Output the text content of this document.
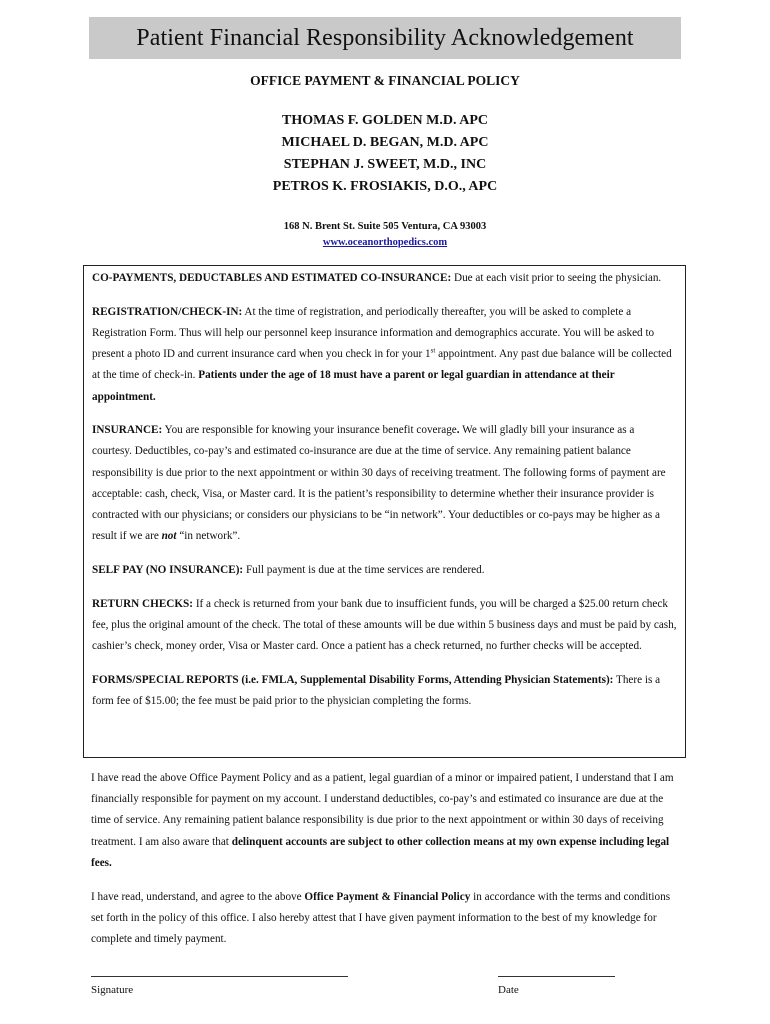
Patient Financial Responsibility Acknowledgement
OFFICE PAYMENT & FINANCIAL POLICY
THOMAS F. GOLDEN M.D. APC
MICHAEL D. BEGAN, M.D. APC
STEPHAN J. SWEET, M.D., INC
PETROS K. FROSIAKIS, D.O., APC
168 N. Brent St. Suite 505 Ventura, CA 93003
www.oceanorthopedics.com

CO-PAYMENTS, DEDUCTABLES AND ESTIMATED CO-INSURANCE: Due at each visit prior to seeing the physician.

REGISTRATION/CHECK-IN: At the time of registration, and periodically thereafter, you will be asked to complete a Registration Form. Thus will help our personnel keep insurance information and demographics accurate. You will be asked to present a photo ID and current insurance card when you check in for your 1st appointment. Any past due balance will be collected at the time of check-in. Patients under the age of 18 must have a parent or legal guardian in attendance at their appointment.

INSURANCE: You are responsible for knowing your insurance benefit coverage. We will gladly bill your insurance as a courtesy. Deductibles, co-pay’s and estimated co-insurance are due at the time of service. Any remaining patient balance responsibility is due prior to the next appointment or within 30 days of receiving treatment. The following forms of payment are acceptable: cash, check, Visa, or Master card. It is the patient’s responsibility to determine whether their insurance provider is contracted with our physicians; or considers our physicians to be “in network”. Your deductibles or co-pays may be higher as a result if we are not “in network”.

SELF PAY (NO INSURANCE): Full payment is due at the time services are rendered.

RETURN CHECKS: If a check is returned from your bank due to insufficient funds, you will be charged a $25.00 return check fee, plus the original amount of the check. The total of these amounts will be due within 5 business days and must be paid by cash, cashier’s check, money order, Visa or Master card. Once a patient has a check returned, no further checks will be accepted.

FORMS/SPECIAL REPORTS (i.e. FMLA, Supplemental Disability Forms, Attending Physician Statements): There is a form fee of $15.00; the fee must be paid prior to the physician completing the forms.

I have read the above Office Payment Policy and as a patient, legal guardian of a minor or impaired patient, I understand that I am financially responsible for payment on my account. I understand deductibles, co-pay’s and estimated co insurance are due at the time of service. Any remaining patient balance responsibility is due prior to the next appointment or within 30 days of receiving treatment. I am also aware that delinquent accounts are subject to other collection means at my own expense including legal fees.

I have read, understand, and agree to the above Office Payment & Financial Policy in accordance with the terms and conditions set forth in the policy of this office. I also hereby attest that I have given payment information to the best of my knowledge for complete and timely payment.

Signature	Date
